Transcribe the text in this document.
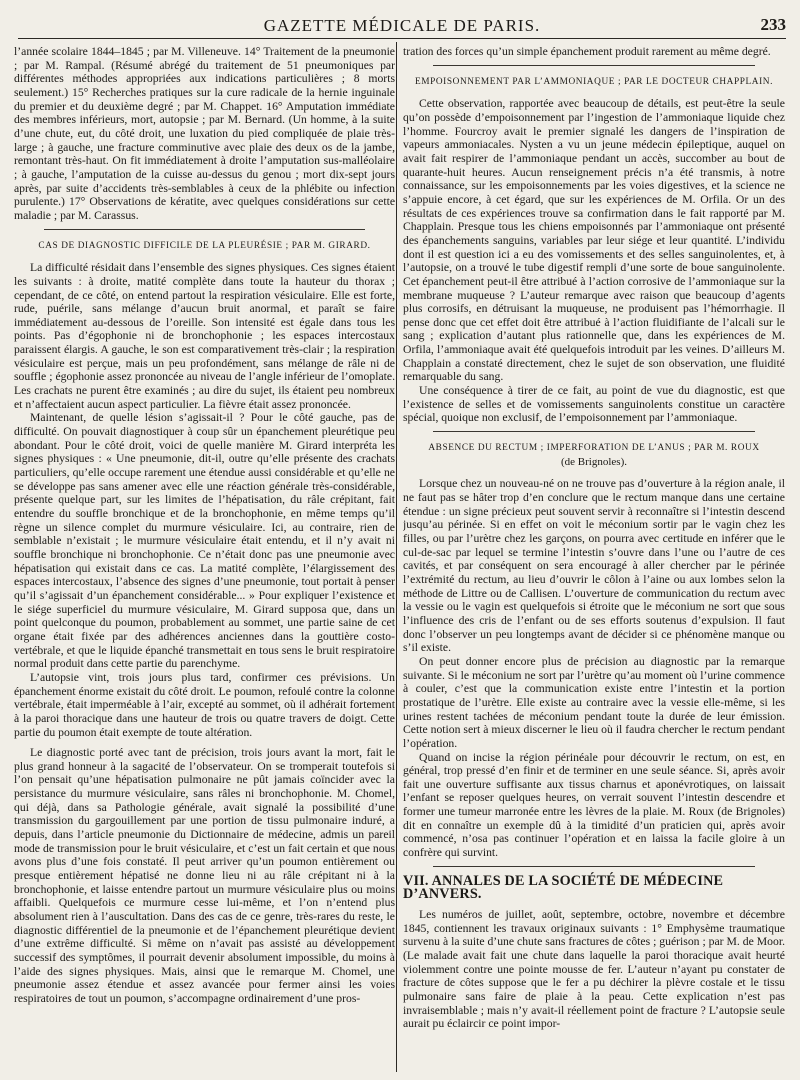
GAZETTE MÉDICALE DE PARIS.	233

l’année scolaire 1844–1845 ; par M. Villeneuve. 14° Traitement de la pneumonie ; par M. Rampal. (Résumé abrégé du traitement de 51 pneumoniques par différentes méthodes appropriées aux indications particulières ; 8 morts seulement.) 15° Recherches pratiques sur la cure radicale de la hernie inguinale du premier et du deuxième degré ; par M. Chappet. 16° Amputation immédiate des membres inférieurs, mort, autopsie ; par M. Bernard. (Un homme, à la suite d’une chute, eut, du côté droit, une luxation du pied compliquée de plaie très-large ; à gauche, une fracture comminutive avec plaie des deux os de la jambe, remontant très-haut. On fit immédiatement à droite l’amputation sus-malléolaire ; à gauche, l’amputation de la cuisse au-dessus du genou ; mort dix-sept jours après, par suite d’accidents très-semblables à ceux de la phlébite ou infection purulente.) 17° Observations de kératite, avec quelques considérations sur cette maladie ; par M. Carassus.

CAS DE DIAGNOSTIC DIFFICILE DE LA PLEURÉSIE ; PAR M. GIRARD.

La difficulté résidait dans l’ensemble des signes physiques. Ces signes étaient les suivants : à droite, matité complète dans toute la hauteur du thorax ; cependant, de ce côté, on entend partout la respiration vésiculaire. Elle est forte, rude, puérile, sans mélange d’aucun bruit anormal, et paraît se faire immédiatement au-dessous de l’oreille. Son intensité est égale dans tous les points. Pas d’égophonie ni de bronchophonie ; les espaces intercostaux paraissent élargis. A gauche, le son est comparativement très-clair ; la respiration vésiculaire est perçue, mais un peu profondément, sans mélange de râle ni de souffle ; égophonie assez prononcée au niveau de l’angle inférieur de l’omoplate. Les crachats ne purent être examinés ; au dire du sujet, ils étaient peu nombreux et n’affectaient aucun aspect particulier. La fièvre était assez prononcée.

Maintenant, de quelle lésion s’agissait-il ? Pour le côté gauche, pas de difficulté. On pouvait diagnostiquer à coup sûr un épanchement pleurétique peu abondant. Pour le côté droit, voici de quelle manière M. Girard interpréta les signes physiques : « Une pneumonie, dit-il, outre qu’elle présente des crachats particuliers, qu’elle occupe rarement une étendue aussi considérable et qu’elle ne se développe pas sans amener avec elle une réaction générale très-considérable, présente quelque part, sur les limites de l’hépatisation, du râle crépitant, fait entendre du souffle bronchique et de la bronchophonie, en même temps qu’il règne un silence complet du murmure vésiculaire. Ici, au contraire, rien de semblable n’existait ; le murmure vésiculaire était entendu, et il n’y avait ni souffle bronchique ni bronchophonie. Ce n’était donc pas une pneumonie avec hépatisation qui existait dans ce cas. La matité complète, l’élargissement des espaces intercostaux, l’absence des signes d’une pneumonie, tout portait à penser qu’il s’agissait d’un épanchement considérable... » Pour expliquer l’existence et le siége superficiel du murmure vésiculaire, M. Girard supposa que, dans un point quelconque du poumon, probablement au sommet, une partie saine de cet organe était fixée par des adhérences anciennes dans la gouttière costo-vertébrale, et que le liquide épanché transmettait en tous sens le bruit respiratoire normal produit dans cette partie du parenchyme.

L’autopsie vint, trois jours plus tard, confirmer ces prévisions. Un épanchement énorme existait du côté droit. Le poumon, refoulé contre la colonne vertébrale, était imperméable à l’air, excepté au sommet, où il adhérait fortement à la paroi thoracique dans une hauteur de trois ou quatre travers de doigt. Cette partie du poumon était exempte de toute altération.

Le diagnostic porté avec tant de précision, trois jours avant la mort, fait le plus grand honneur à la sagacité de l’observateur. On se tromperait toutefois si l’on pensait qu’une hépatisation pulmonaire ne pût jamais coïncider avec la persistance du murmure vésiculaire, sans râles ni bronchophonie. M. Chomel, qui déjà, dans sa Pathologie générale, avait signalé la possibilité d’une transmission du gargouillement par une portion de tissu pulmonaire induré, a depuis, dans l’article pneumonie du Dictionnaire de médecine, admis un pareil mode de transmission pour le bruit vésiculaire, et c’est un fait certain et que nous avons plus d’une fois constaté. Il peut arriver qu’un poumon entièrement ou presque entièrement hépatisé ne donne lieu ni au râle crépitant ni à la bronchophonie, et laisse entendre partout un murmure vésiculaire plus ou moins affaibli. Quelquefois ce murmure cesse lui-même, et l’on n’entend plus absolument rien à l’auscultation. Dans des cas de ce genre, très-rares du reste, le diagnostic différentiel de la pneumonie et de l’épanchement pleurétique devient d’une extrême difficulté. Si même on n’avait pas assisté au développement successif des symptômes, il pourrait devenir absolument impossible, du moins à l’aide des signes physiques. Mais, ainsi que le remarque M. Chomel, une pneumonie assez étendue et assez avancée pour fermer ainsi les voies respiratoires de tout un poumon, s’accompagne ordinairement d’une pros-

tration des forces qu’un simple épanchement produit rarement au même degré.

EMPOISONNEMENT PAR L’AMMONIAQUE ; PAR LE DOCTEUR CHAPPLAIN.

Cette observation, rapportée avec beaucoup de détails, est peut-être la seule qu’on possède d’empoisonnement par l’ingestion de l’ammoniaque liquide chez l’homme. Fourcroy avait le premier signalé les dangers de l’inspiration de vapeurs ammoniacales. Nysten a vu un jeune médecin épileptique, auquel on avait fait respirer de l’ammoniaque pendant un accès, succomber au bout de quarante-huit heures. Aucun renseignement précis n’a été transmis, à notre connaissance, sur les empoisonnements par les voies digestives, et la science ne s’appuie encore, à cet égard, que sur les expériences de M. Orfila. Or un des résultats de ces expériences trouve sa confirmation dans le fait rapporté par M. Chapplain. Presque tous les chiens empoisonnés par l’ammoniaque ont présenté des épanchements sanguins, variables par leur siége et leur quantité. L’individu dont il est question ici a eu des vomissements et des selles sanguinolentes, et, à l’autopsie, on a trouvé le tube digestif rempli d’une sorte de boue sanguinolente. Cet épanchement peut-il être attribué à l’action corrosive de l’ammoniaque sur la membrane muqueuse ? L’auteur remarque avec raison que beaucoup d’agents plus corrosifs, en détruisant la muqueuse, ne produisent pas l’hémorrhagie. Il pense donc que cet effet doit être attribué à l’action fluidifiante de l’alcali sur le sang ; explication d’autant plus rationnelle que, dans les expériences de M. Orfila, l’ammoniaque avait été quelquefois introduit par les veines. D’ailleurs M. Chapplain a constaté directement, chez le sujet de son observation, une fluidité remarquable du sang.

Une conséquence à tirer de ce fait, au point de vue du diagnostic, est que l’existence de selles et de vomissements sanguinolents constitue un caractère spécial, quoique non exclusif, de l’empoisonnement par l’ammoniaque.

ABSENCE DU RECTUM ; IMPERFORATION DE L’ANUS ; PAR M. ROUX
(de Brignoles).

Lorsque chez un nouveau-né on ne trouve pas d’ouverture à la région anale, il ne faut pas se hâter trop d’en conclure que le rectum manque dans une certaine étendue : un signe précieux peut souvent servir à reconnaître si l’intestin descend jusqu’au périnée. Si en effet on voit le méconium sortir par le vagin chez les filles, ou par l’urètre chez les garçons, on pourra avec certitude en inférer que le cul-de-sac par lequel se termine l’intestin s’ouvre dans l’une ou l’autre de ces cavités, et par conséquent on sera encouragé à aller chercher par le périnée l’extrémité du rectum, au lieu d’ouvrir le côlon à l’aine ou aux lombes selon la méthode de Littre ou de Callisen. L’ouverture de communication du rectum avec la vessie ou le vagin est quelquefois si étroite que le méconium ne sort que sous l’influence des cris de l’enfant ou de ses efforts soutenus d’expulsion. Il faut donc l’observer un peu longtemps avant de décider si ce phénomène manque ou s’il existe.

On peut donner encore plus de précision au diagnostic par la remarque suivante. Si le méconium ne sort par l’urètre qu’au moment où l’urine commence à couler, c’est que la communication existe entre l’intestin et la portion prostatique de l’urètre. Elle existe au contraire avec la vessie elle-même, si les urines restent tachées de méconium pendant toute la durée de leur émission. Cette notion sert à mieux discerner le lieu où il faudra chercher le rectum pendant l’opération.

Quand on incise la région périnéale pour découvrir le rectum, on est, en général, trop pressé d’en finir et de terminer en une seule séance. Si, après avoir fait une ouverture suffisante aux tissus charnus et aponévrotiques, on laissait l’enfant se reposer quelques heures, on verrait souvent l’intestin descendre et former une tumeur marronée entre les lèvres de la plaie. M. Roux (de Brignoles) dit en connaître un exemple dû à la timidité d’un praticien qui, après avoir commencé, n’osa pas continuer l’opération et en laissa la facile gloire à un confrère qui survint.

VII. ANNALES DE LA SOCIÉTÉ DE MÉDECINE D’ANVERS.

Les numéros de juillet, août, septembre, octobre, novembre et décembre 1845, contiennent les travaux originaux suivants : 1° Emphysème traumatique survenu à la suite d’une chute sans fractures de côtes ; guérison ; par M. de Moor. (Le malade avait fait une chute dans laquelle la paroi thoracique avait heurté violemment contre une pointe mousse de fer. L’auteur n’ayant pu constater de fracture de côtes suppose que le fer a pu déchirer la plèvre costale et le tissu pulmonaire sans faire de plaie à la peau. Cette explication n’est pas invraisemblable ; mais n’y avait-il réellement point de fracture ? L’autopsie seule aurait pu éclaircir ce point impor-
